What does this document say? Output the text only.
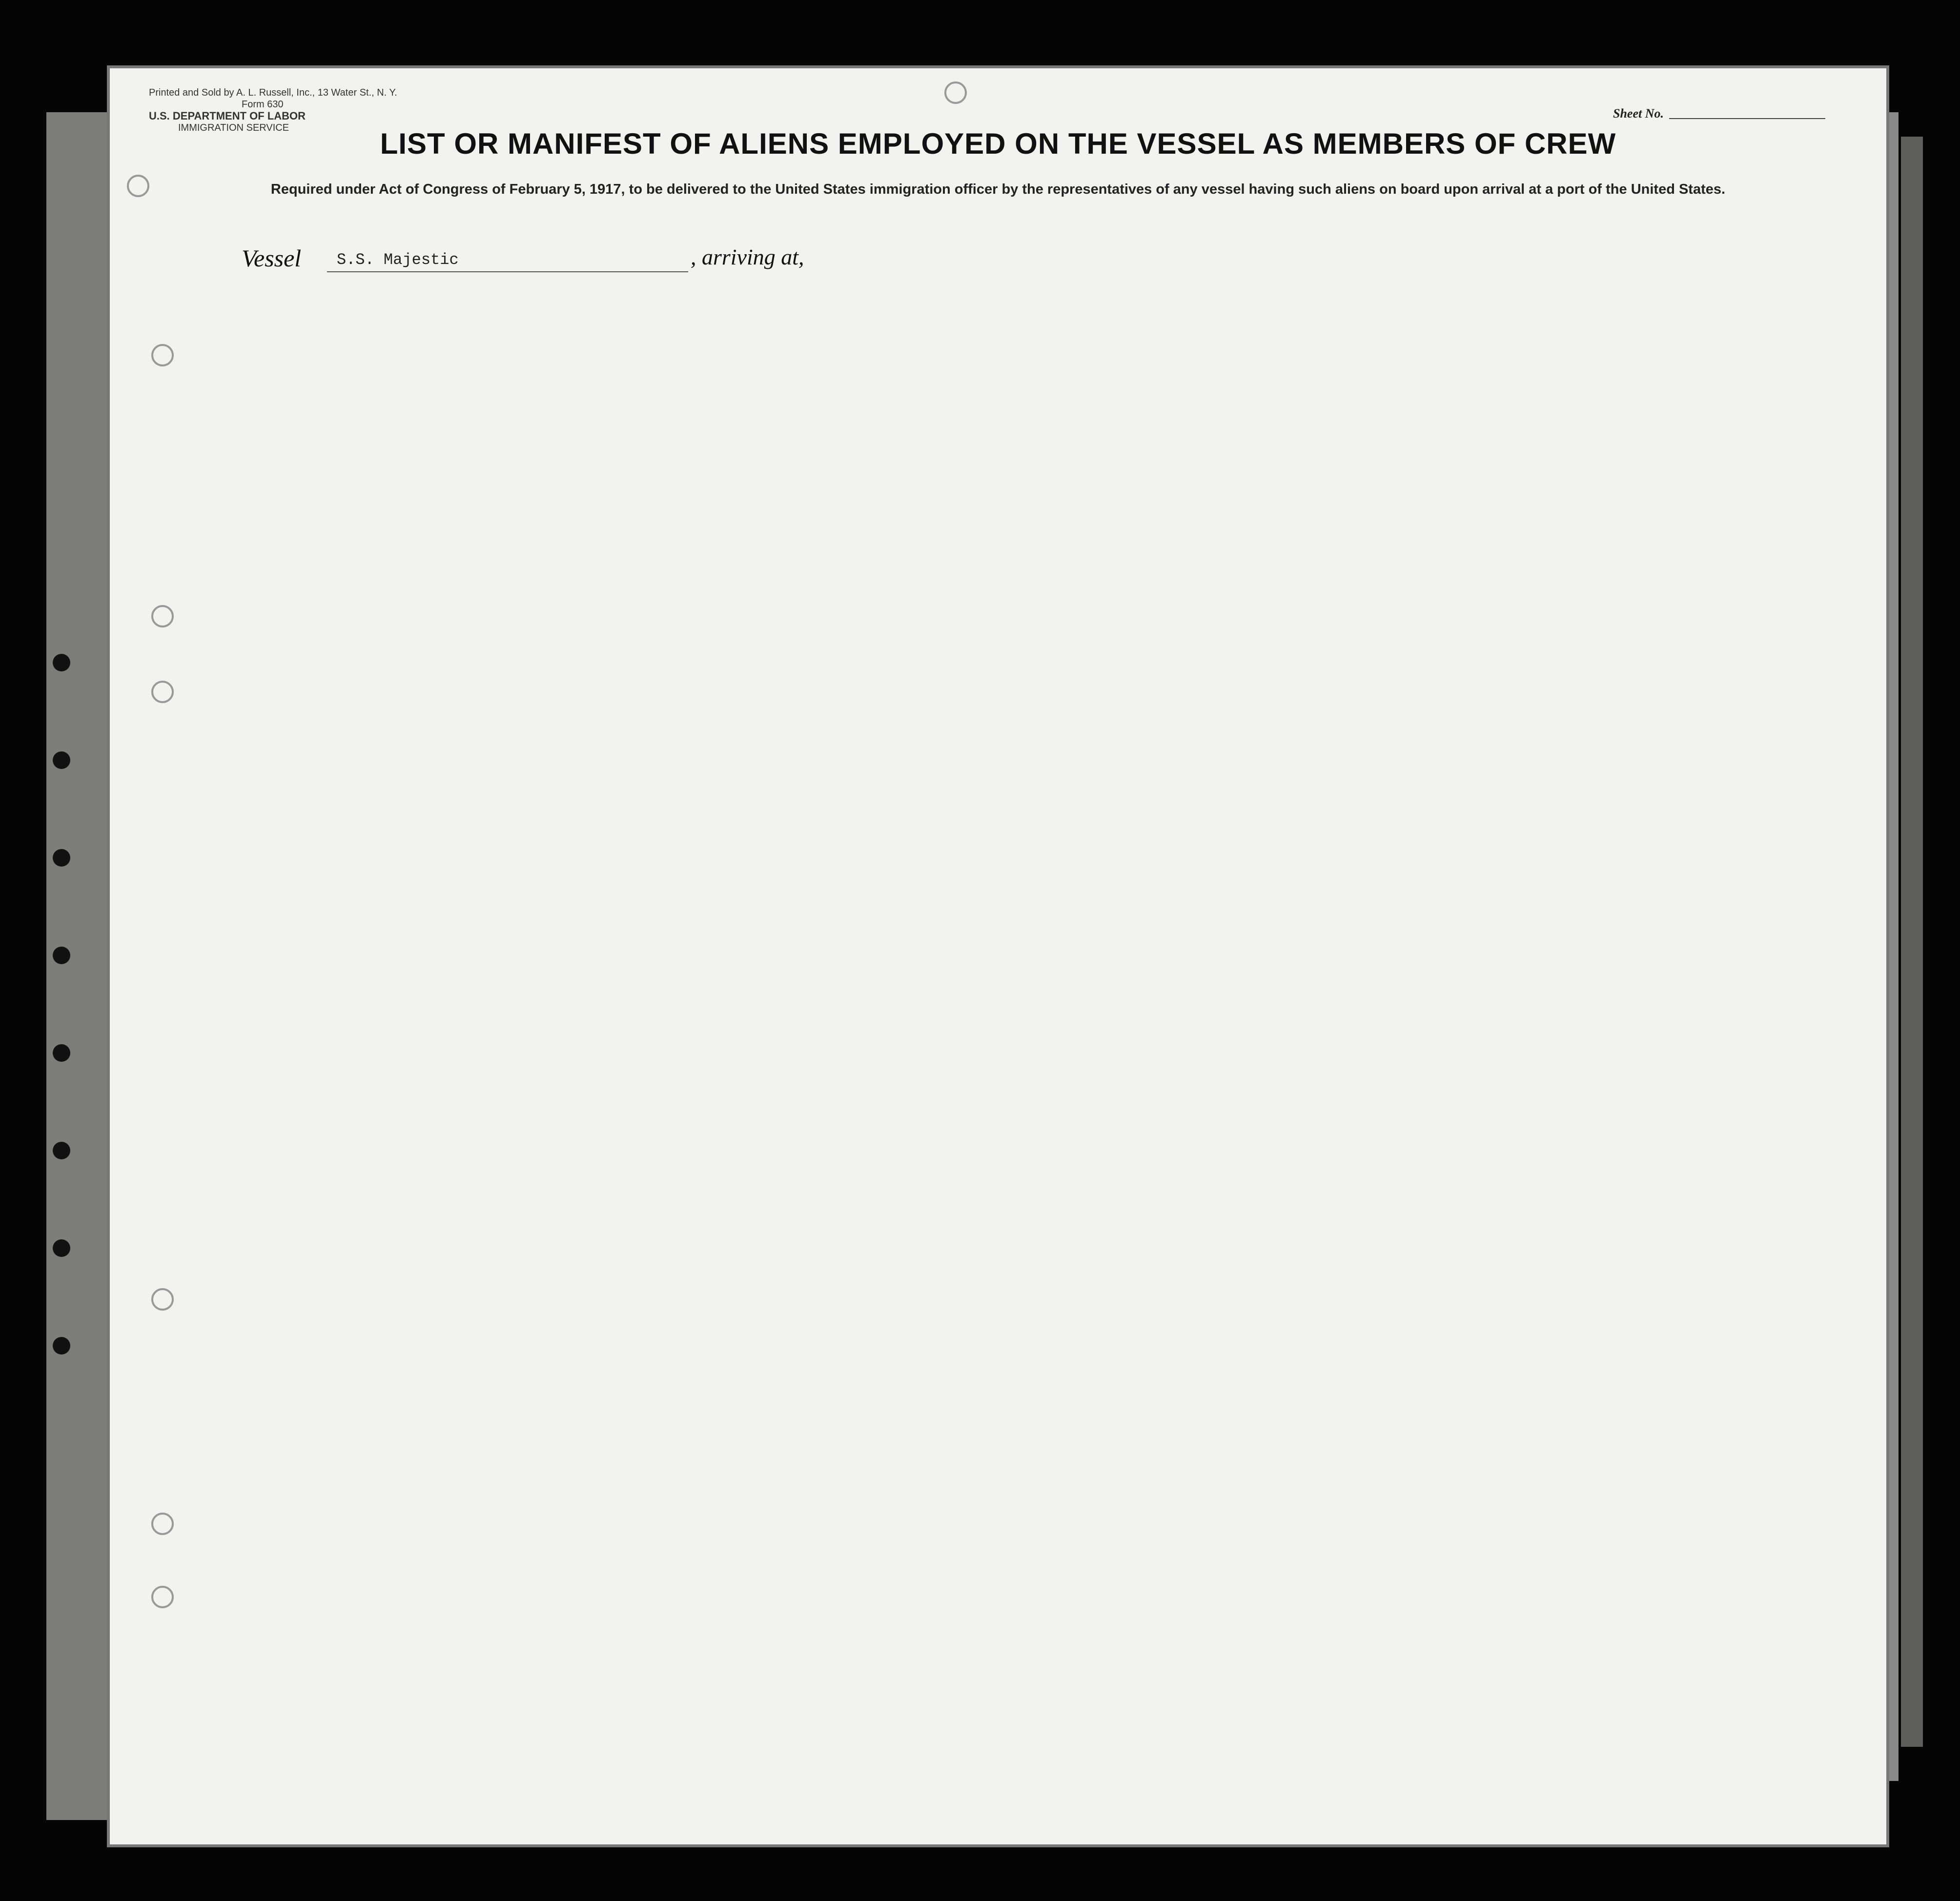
Printed and Sold by A. L. Russell, Inc., 13 Water St., N. Y.
Form 630
U.S. DEPARTMENT OF LABOR
IMMIGRATION SERVICE
Sheet No.
LIST OR MANIFEST OF ALIENS EMPLOYED ON THE VESSEL AS MEMBERS OF CREW
Required under Act of Congress of February 5, 1917, to be delivered to the United States immigration officer by the representatives of any vessel having such aliens on board upon arrival at a port of the United States.
Vessel S.S. Majestic	, arriving at,
